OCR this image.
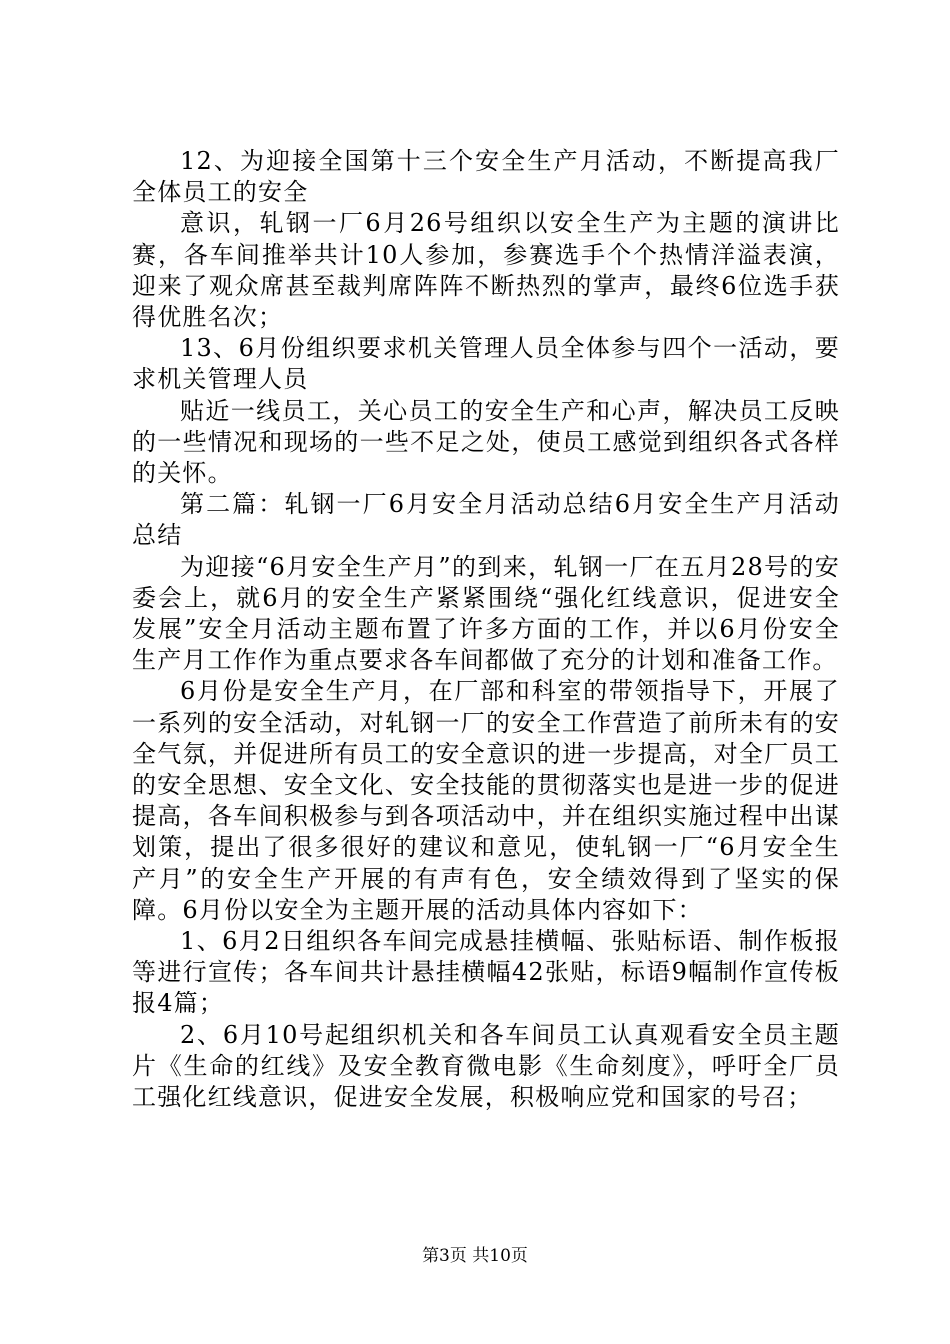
12、为迎接全国第十三个安全生产月活动，不断提高我厂全体员工的安全

意识，轧钢一厂6月26号组织以安全生产为主题的演讲比赛，各车间推举共计10人参加，参赛选手个个热情洋溢表演，迎来了观众席甚至裁判席阵阵不断热烈的掌声，最终6位选手获得优胜名次；

13、6月份组织要求机关管理人员全体参与四个一活动，要求机关管理人员

贴近一线员工，关心员工的安全生产和心声，解决员工反映的一些情况和现场的一些不足之处，使员工感觉到组织各式各样的关怀。

第二篇：轧钢一厂6月安全月活动总结6月安全生产月活动总结

为迎接“6月安全生产月”的到来，轧钢一厂在五月28号的安委会上，就6月的安全生产紧紧围绕“强化红线意识，促进安全发展”安全月活动主题布置了许多方面的工作，并以6月份安全生产月工作作为重点要求各车间都做了充分的计划和准备工作。

6月份是安全生产月，在厂部和科室的带领指导下，开展了一系列的安全活动，对轧钢一厂的安全工作营造了前所未有的安全气氛，并促进所有员工的安全意识的进一步提高，对全厂员工的安全思想、安全文化、安全技能的贯彻落实也是进一步的促进提高，各车间积极参与到各项活动中，并在组织实施过程中出谋划策，提出了很多很好的建议和意见，使轧钢一厂“6月安全生产月”的安全生产开展的有声有色，安全绩效得到了坚实的保障。6月份以安全为主题开展的活动具体内容如下：

1、6月2日组织各车间完成悬挂横幅、张贴标语、制作板报等进行宣传；各车间共计悬挂横幅42张贴，标语9幅制作宣传板报4篇；

2、6月10号起组织机关和各车间员工认真观看安全员主题片《生命的红线》及安全教育微电影《生命刻度》，呼吁全厂员工强化红线意识，促进安全发展，积极响应党和国家的号召；

第3页 共10页
